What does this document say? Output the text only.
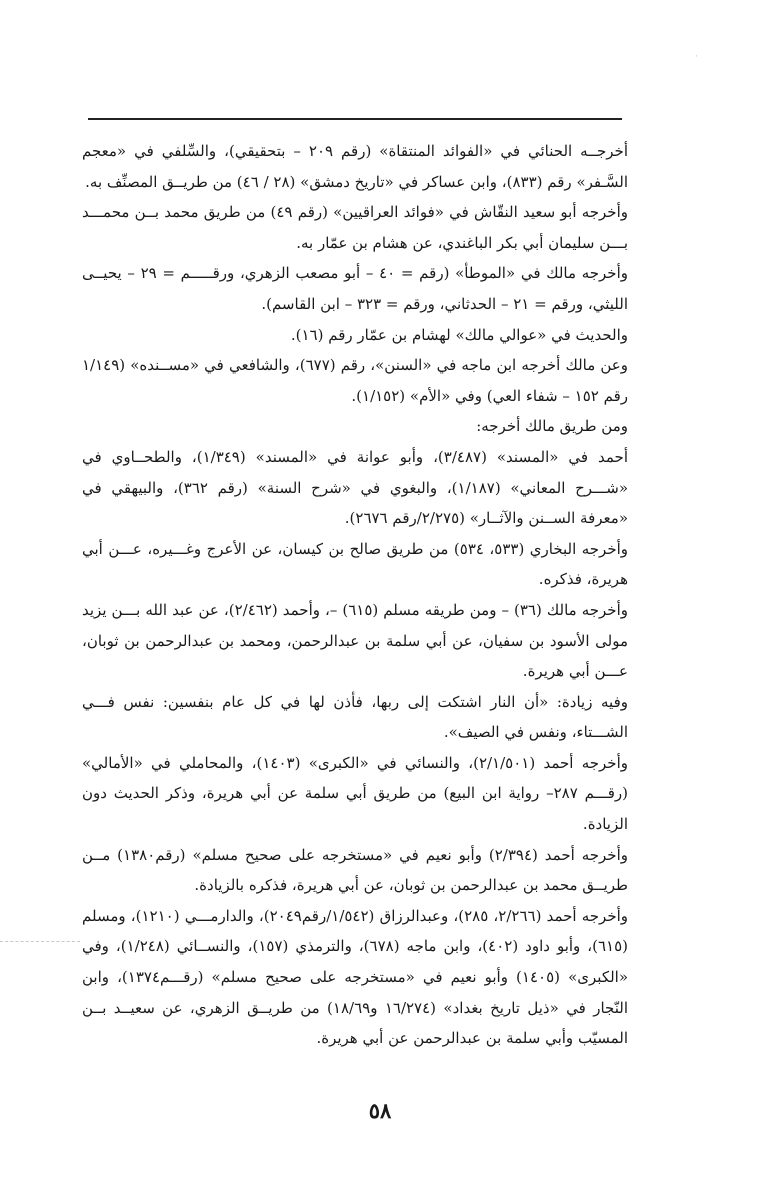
·

أخرجــه الحنائي في «الفوائد المنتقاة» (رقم ٢٠٩ – بتحقيقي)، والسِّلفي في «معجم السَّـفر» رقم (٨٣٣)، وابن عساكر في «تاريخ دمشق» (٢٨ / ٤٦) من طريــق المصنِّف به.

وأخرجه أبو سعيد النقّاش في «فوائد العراقيين» (رقم ٤٩) من طريق محمد بــن محمـــد بـــن سليمان أبي بكر الباغندي، عن هشام بن عمّار به.

وأخرجه مالك في «الموطأ» (رقم = ٤٠ – أبو مصعب الزهري، ورقـــــم = ٢٩ – يحيــى الليثي، ورقم = ٢١ – الحدثاني، ورقم = ٣٢٣ – ابن القاسم).

والحديث في «عوالي مالك» لهشام بن عمّار رقم (١٦).

وعن مالك أخرجه ابن ماجه في «السنن»، رقم (٦٧٧)، والشافعي في «مســنده» (١/١٤٩ رقم ١٥٢ – شفاء العي) وفي «الأم» (١/١٥٢).

ومن طريق مالك أخرجه:

أحمد في «المسند» (٣/٤٨٧)، وأبو عوانة في «المسند» (١/٣٤٩)، والطحــاوي في «شـــرح المعاني» (١/١٨٧)، والبغوي في «شرح السنة» (رقم ٣٦٢)، والبيهقي في «معرفة الســنن والآثــار» (٢/٢٧٥/رقم ٢٦٧٦).

وأخرجه البخاري (٥٣٣، ٥٣٤) من طريق صالح بن كيسان، عن الأعرج وغـــيره، عـــن أبي هريرة، فذكره.

وأخرجه مالك (٣٦) – ومن طريقه مسلم (٦١٥) –، وأحمد (٢/٤٦٢)، عن عبد الله بـــن يزيد مولى الأسود بن سفيان، عن أبي سلمة بن عبدالرحمن، ومحمد بن عبدالرحمن بن ثوبان، عـــن أبي هريرة.

وفيه زيادة: «أن النار اشتكت إلى ربها، فأذن لها في كل عام بنفسين: نفس فـــي الشـــتاء، ونفس في الصيف».

وأخرجه أحمد (٢/١/٥٠١)، والنسائي في «الكبرى» (١٤٠٣)، والمحاملي في «الأمالي» (رقـــم ٢٨٧– رواية ابن البيع) من طريق أبي سلمة عن أبي هريرة، وذكر الحديث دون الزيادة.

وأخرجه أحمد (٢/٣٩٤) وأبو نعيم في «مستخرجه على صحيح مسلم» (رقم١٣٨٠) مــن طريــق محمد بن عبدالرحمن بن ثوبان، عن أبي هريرة، فذكره بالزيادة.

وأخرجه أحمد (٢/٢٦٦، ٢٨٥)، وعبدالرزاق (١/٥٤٢/رقم٢٠٤٩)، والدارمـــي (١٢١٠)، ومسلم (٦١٥)، وأبو داود (٤٠٢)، وابن ماجه (٦٧٨)، والترمذي (١٥٧)، والنســائي (١/٢٤٨)، وفي «الكبرى» (١٤٠٥) وأبو نعيم في «مستخرجه على صحيح مسلم» (رقـــم١٣٧٤)، وابن النّجار في «ذيل تاريخ بغداد» (١٦/٢٧٤ و١٨/٦٩) من طريــق الزهري، عن سعيــد بــن المسيّب وأبي سلمة بن عبدالرحمن عن أبي هريرة.

٥٨
